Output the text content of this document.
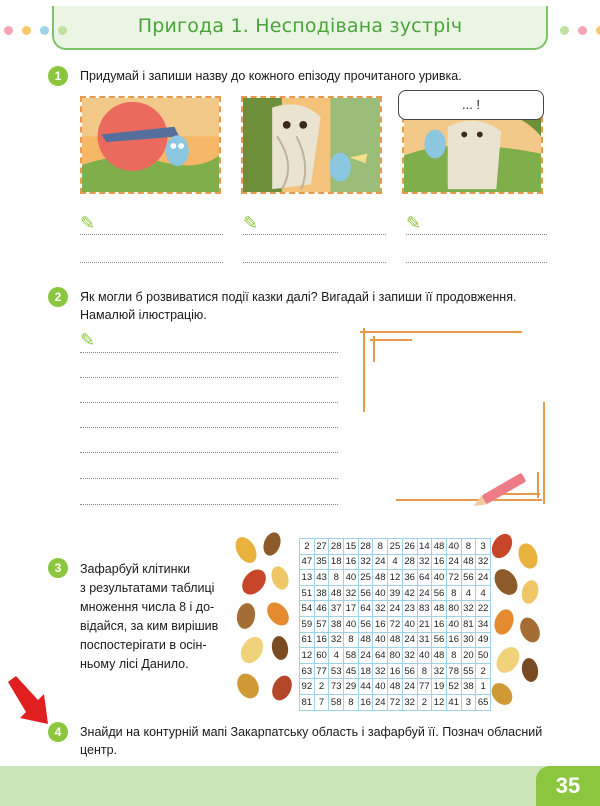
Пригода 1. Несподівана зустріч
1	Придумай і запиши назву до кожного епізоду прочитаного уривка.
... !
✎	✎	✎
2	Як могли б розвиватися події казки далі? Вигадай і запиши її продовження.
Намалюй ілюстрацію.
✎
3	Зафарбуй клітинки
з результатами таблиці
множення числа 8 і до-
відайся, за ким вирішив
поспостерігати в осін-
ньому лісі Данило.
2	27	28	15	28	8	25	26	14	48	40	8	3
47	35	18	16	32	24	4	28	32	16	24	48	32
13	43	8	40	25	48	12	36	64	40	72	56	24
51	38	48	32	56	40	39	42	24	56	8	4	4
54	46	37	17	64	32	24	23	83	48	80	32	22
59	57	38	40	56	16	72	40	21	16	40	81	34
61	16	32	8	48	40	48	24	31	56	16	30	49
12	60	4	58	24	64	80	32	40	48	8	20	50
63	77	53	45	18	32	16	56	8	32	78	55	2
92	2	73	29	44	40	48	24	77	19	52	38	1
81	7	58	8	16	24	72	32	2	12	41	3	65
4	Знайди на контурній мапі Закарпатську область і зафарбуй її. Познач обласний
центр.
35
